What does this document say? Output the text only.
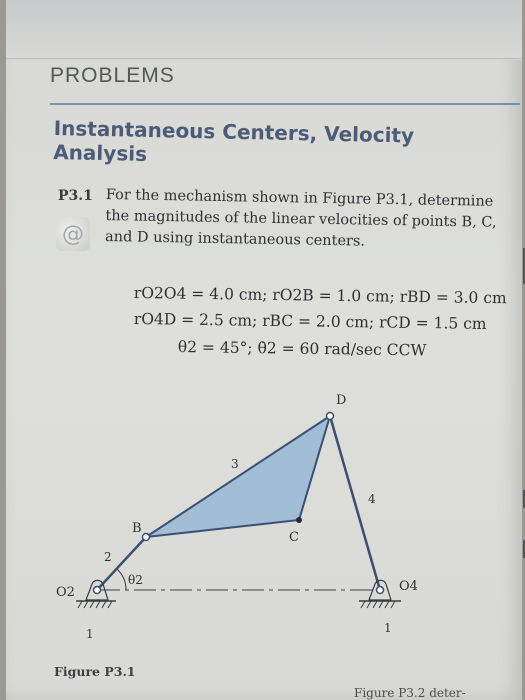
PROBLEMS
Instantaneous Centers, Velocity Analysis
P3.1
@
For the mechanism shown in Figure P3.1, determine the magnitudes of the linear velocities of points B, C, and D using instantaneous centers.
rO2O4 = 4.0 cm; rO2B = 1.0 cm; rBD = 3.0 cm
rO4D = 2.5 cm; rBC = 2.0 cm; rCD = 1.5 cm
θ2 = 45°; θ̇2 = 60 rad/sec CCW
D
3
4
B
C
2
θ2
O2	O4
1	1
Figure P3.1
Figure P3.2 deter-
